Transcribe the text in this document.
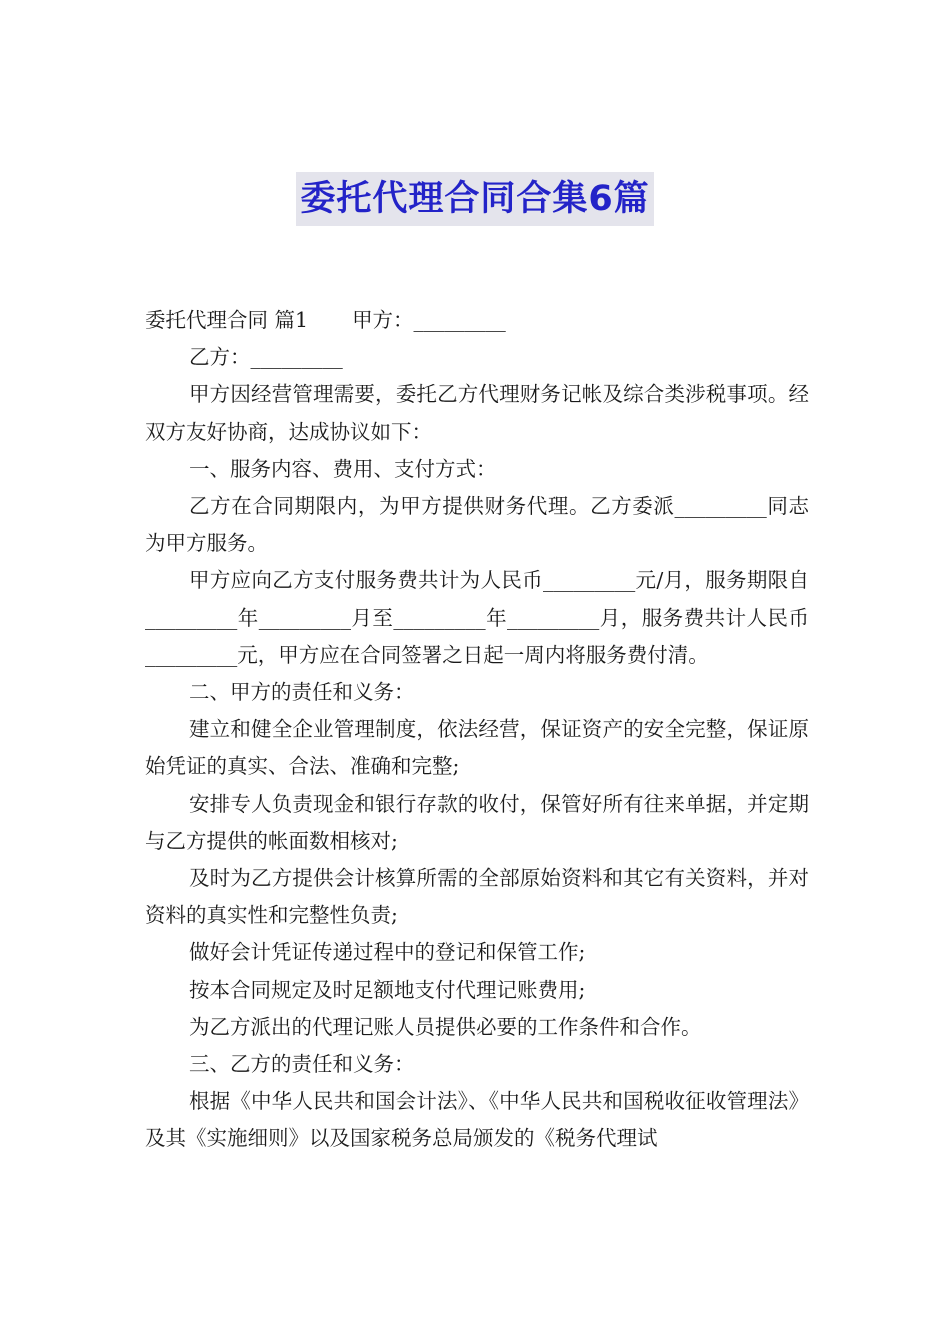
委托代理合同合集6篇

委托代理合同 篇1 甲方：_________

乙方：_________

甲方因经营管理需要，委托乙方代理财务记帐及综合类涉税事项。经双方友好协商，达成协议如下：

一、服务内容、费用、支付方式：

乙方在合同期限内，为甲方提供财务代理。乙方委派_________同志为甲方服务。

甲方应向乙方支付服务费共计为人民币_________元/月，服务期限自_________年_________月至_________年_________月，服务费共计人民币_________元，甲方应在合同签署之日起一周内将服务费付清。

二、甲方的责任和义务：

建立和健全企业管理制度，依法经营，保证资产的安全完整，保证原始凭证的真实、合法、准确和完整;

安排专人负责现金和银行存款的收付，保管好所有往来单据，并定期与乙方提供的帐面数相核对;

及时为乙方提供会计核算所需的全部原始资料和其它有关资料，并对资料的真实性和完整性负责;

做好会计凭证传递过程中的登记和保管工作;

按本合同规定及时足额地支付代理记账费用;

为乙方派出的代理记账人员提供必要的工作条件和合作。

三、乙方的责任和义务：

根据《中华人民共和国会计法》、《中华人民共和国税收征收管理法》及其《实施细则》以及国家税务总局颁发的《税务代理试
